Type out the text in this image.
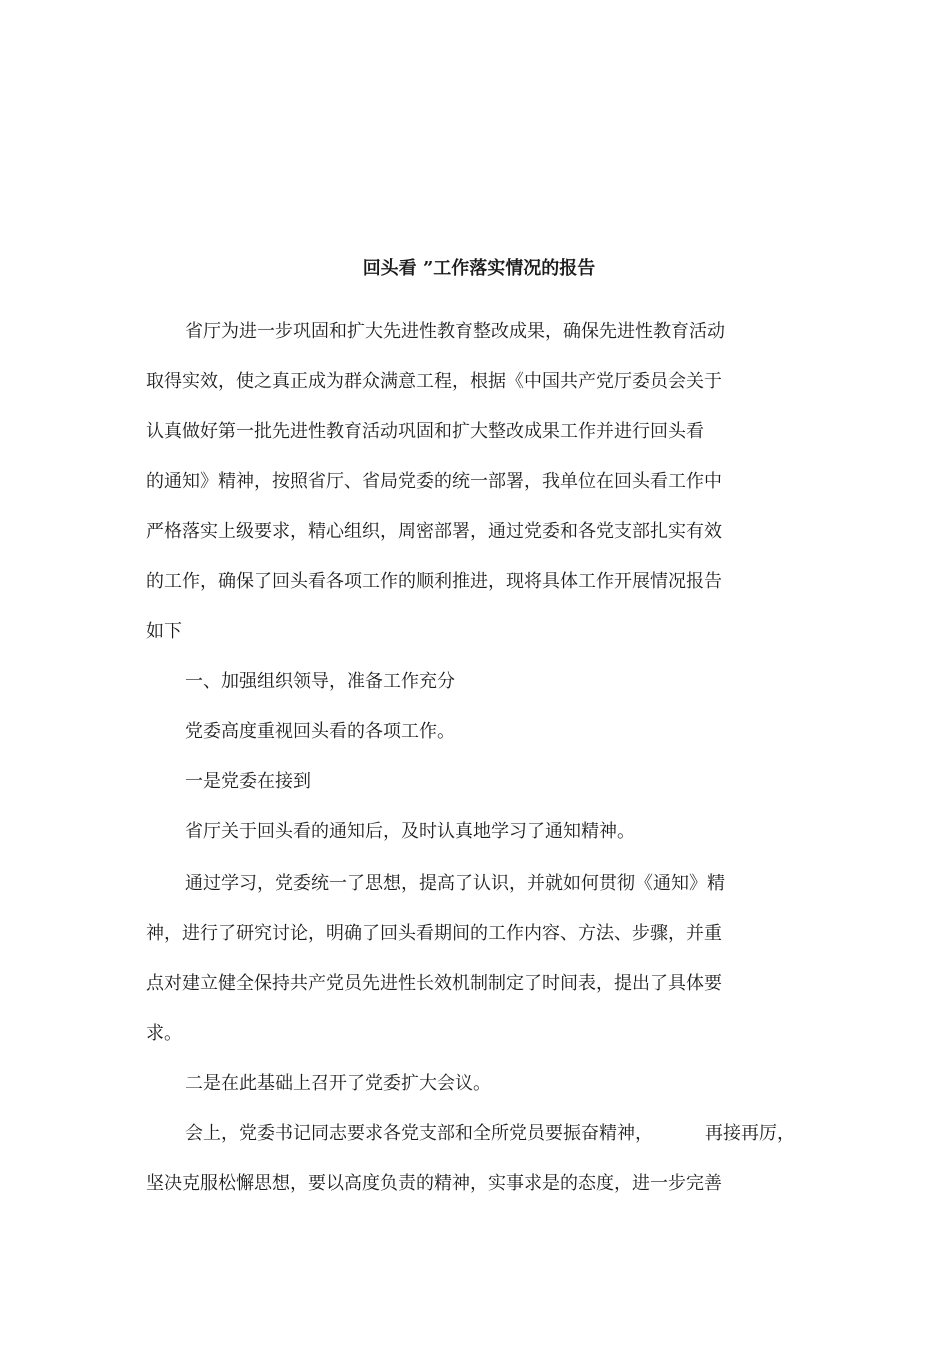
回头看 ”工作落实情况的报告

省厅为进一步巩固和扩大先进性教育整改成果，确保先进性教育活动

取得实效，使之真正成为群众满意工程，根据《中国共产党厅委员会关于

认真做好第一批先进性教育活动巩固和扩大整改成果工作并进行回头看

的通知》精神，按照省厅、省局党委的统一部署，我单位在回头看工作中

严格落实上级要求，精心组织，周密部署，通过党委和各党支部扎实有效

的工作，确保了回头看各项工作的顺利推进，现将具体工作开展情况报告

如下

一、加强组织领导，准备工作充分

党委高度重视回头看的各项工作。

一是党委在接到

省厅关于回头看的通知后，及时认真地学习了通知精神。

通过学习，党委统一了思想，提高了认识，并就如何贯彻《通知》精

神，进行了研究讨论，明确了回头看期间的工作内容、方法、步骤，并重

点对建立健全保持共产党员先进性长效机制制定了时间表，提出了具体要

求。

二是在此基础上召开了党委扩大会议。

会上，党委书记同志要求各党支部和全所党员要振奋精神，	再接再厉，

坚决克服松懈思想，要以高度负责的精神，实事求是的态度，进一步完善
